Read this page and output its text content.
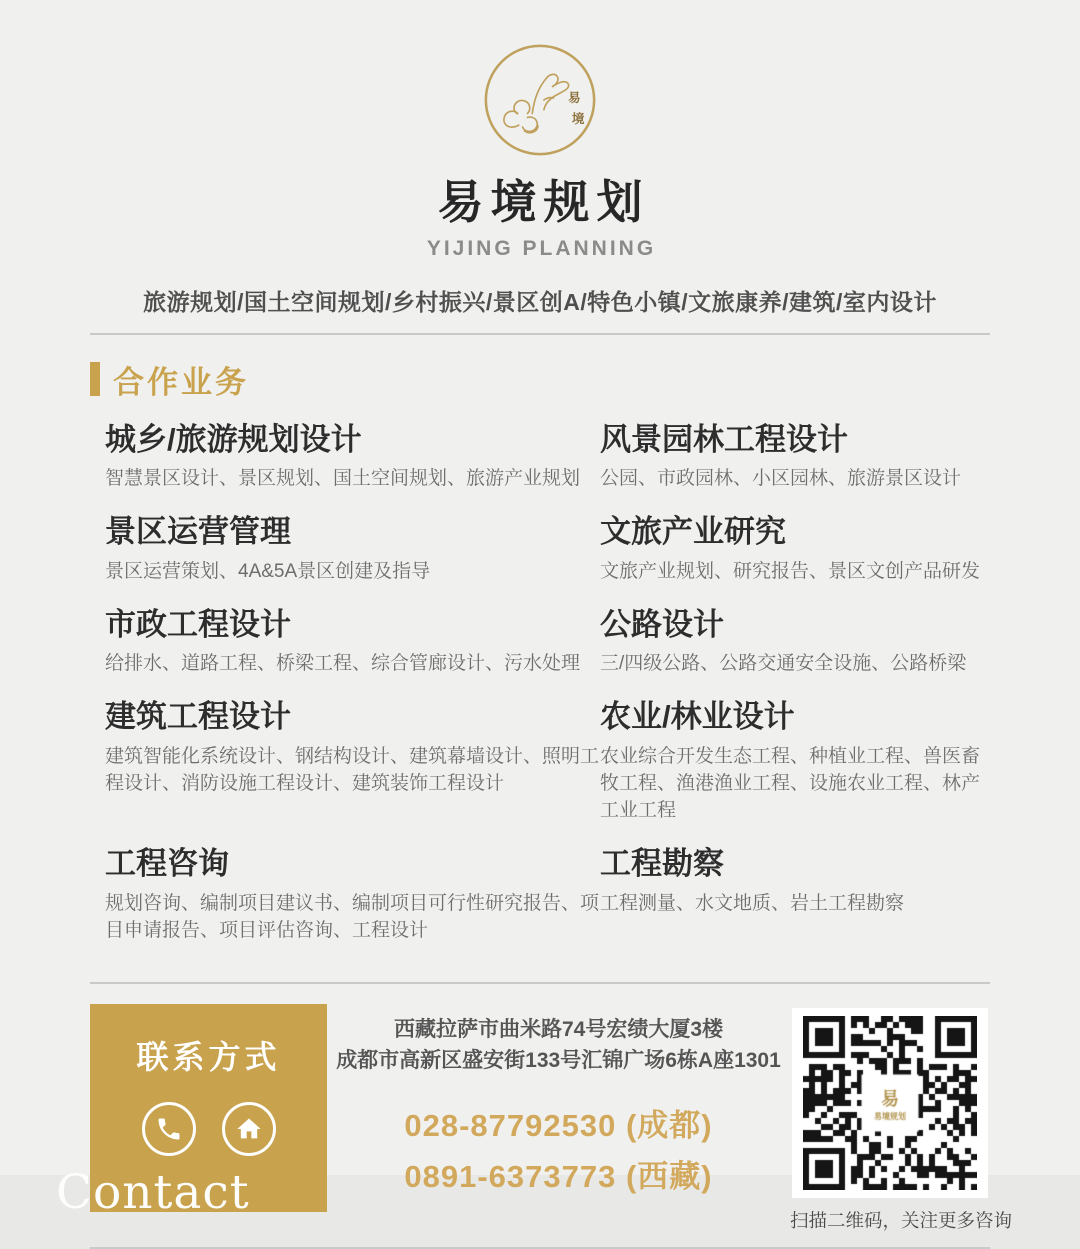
易
境
易境规划
YIJING PLANNING
旅游规划/国土空间规划/乡村振兴/景区创A/特色小镇/文旅康养/建筑/室内设计
合作业务
城乡/旅游规划设计
智慧景区设计、景区规划、国土空间规划、旅游产业规划
风景园林工程设计
公园、市政园林、小区园林、旅游景区设计
景区运营管理
景区运营策划、4A&5A景区创建及指导
文旅产业研究
文旅产业规划、研究报告、景区文创产品研发
市政工程设计
给排水、道路工程、桥梁工程、综合管廊设计、污水处理
公路设计
三/四级公路、公路交通安全设施、公路桥梁
建筑工程设计
建筑智能化系统设计、钢结构设计、建筑幕墙设计、照明工程设计、消防设施工程设计、建筑装饰工程设计
农业/林业设计
农业综合开发生态工程、种植业工程、兽医畜牧工程、渔港渔业工程、设施农业工程、林产工业工程
工程咨询
规划咨询、编制项目建议书、编制项目可行性研究报告、项目申请报告、项目评估咨询、工程设计
工程勘察
工程测量、水文地质、岩土工程勘察
联系方式
Contact
西藏拉萨市曲米路74号宏绩大厦3楼
成都市高新区盛安街133号汇锦广场6栋A座1301
028-87792530 (成都)
0891-6373773 (西藏)
扫描二维码，关注更多咨询
